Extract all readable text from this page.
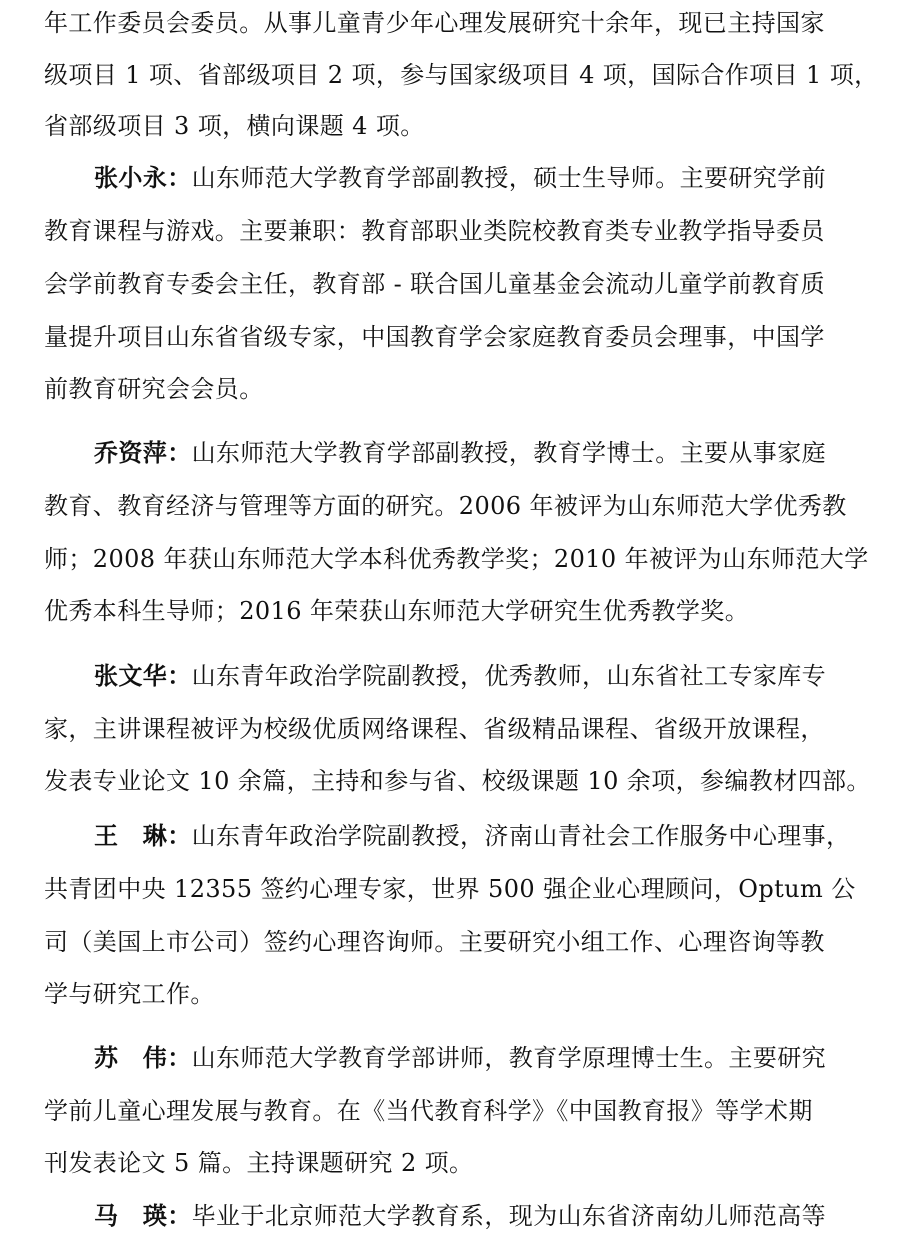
年工作委员会委员。从事儿童青少年心理发展研究十余年，现已主持国家
级项目 1 项、省部级项目 2 项，参与国家级项目 4 项，国际合作项目 1 项，
省部级项目 3 项，横向课题 4 项。
张小永：山东师范大学教育学部副教授，硕士生导师。主要研究学前
教育课程与游戏。主要兼职：教育部职业类院校教育类专业教学指导委员
会学前教育专委会主任，教育部 - 联合国儿童基金会流动儿童学前教育质
量提升项目山东省省级专家，中国教育学会家庭教育委员会理事，中国学
前教育研究会会员。
乔资萍：山东师范大学教育学部副教授，教育学博士。主要从事家庭
教育、教育经济与管理等方面的研究。2006 年被评为山东师范大学优秀教
师；2008 年获山东师范大学本科优秀教学奖；2010 年被评为山东师范大学
优秀本科生导师；2016 年荣获山东师范大学研究生优秀教学奖。
张文华：山东青年政治学院副教授，优秀教师，山东省社工专家库专
家，主讲课程被评为校级优质网络课程、省级精品课程、省级开放课程，
发表专业论文 10 余篇，主持和参与省、校级课题 10 余项，参编教材四部。
王　琳：山东青年政治学院副教授，济南山青社会工作服务中心理事，
共青团中央 12355 签约心理专家，世界 500 强企业心理顾问，Optum 公
司（美国上市公司）签约心理咨询师。主要研究小组工作、心理咨询等教
学与研究工作。
苏　伟：山东师范大学教育学部讲师，教育学原理博士生。主要研究
学前儿童心理发展与教育。在《当代教育科学》《中国教育报》等学术期
刊发表论文 5 篇。主持课题研究 2 项。
马　瑛：毕业于北京师范大学教育系，现为山东省济南幼儿师范高等
